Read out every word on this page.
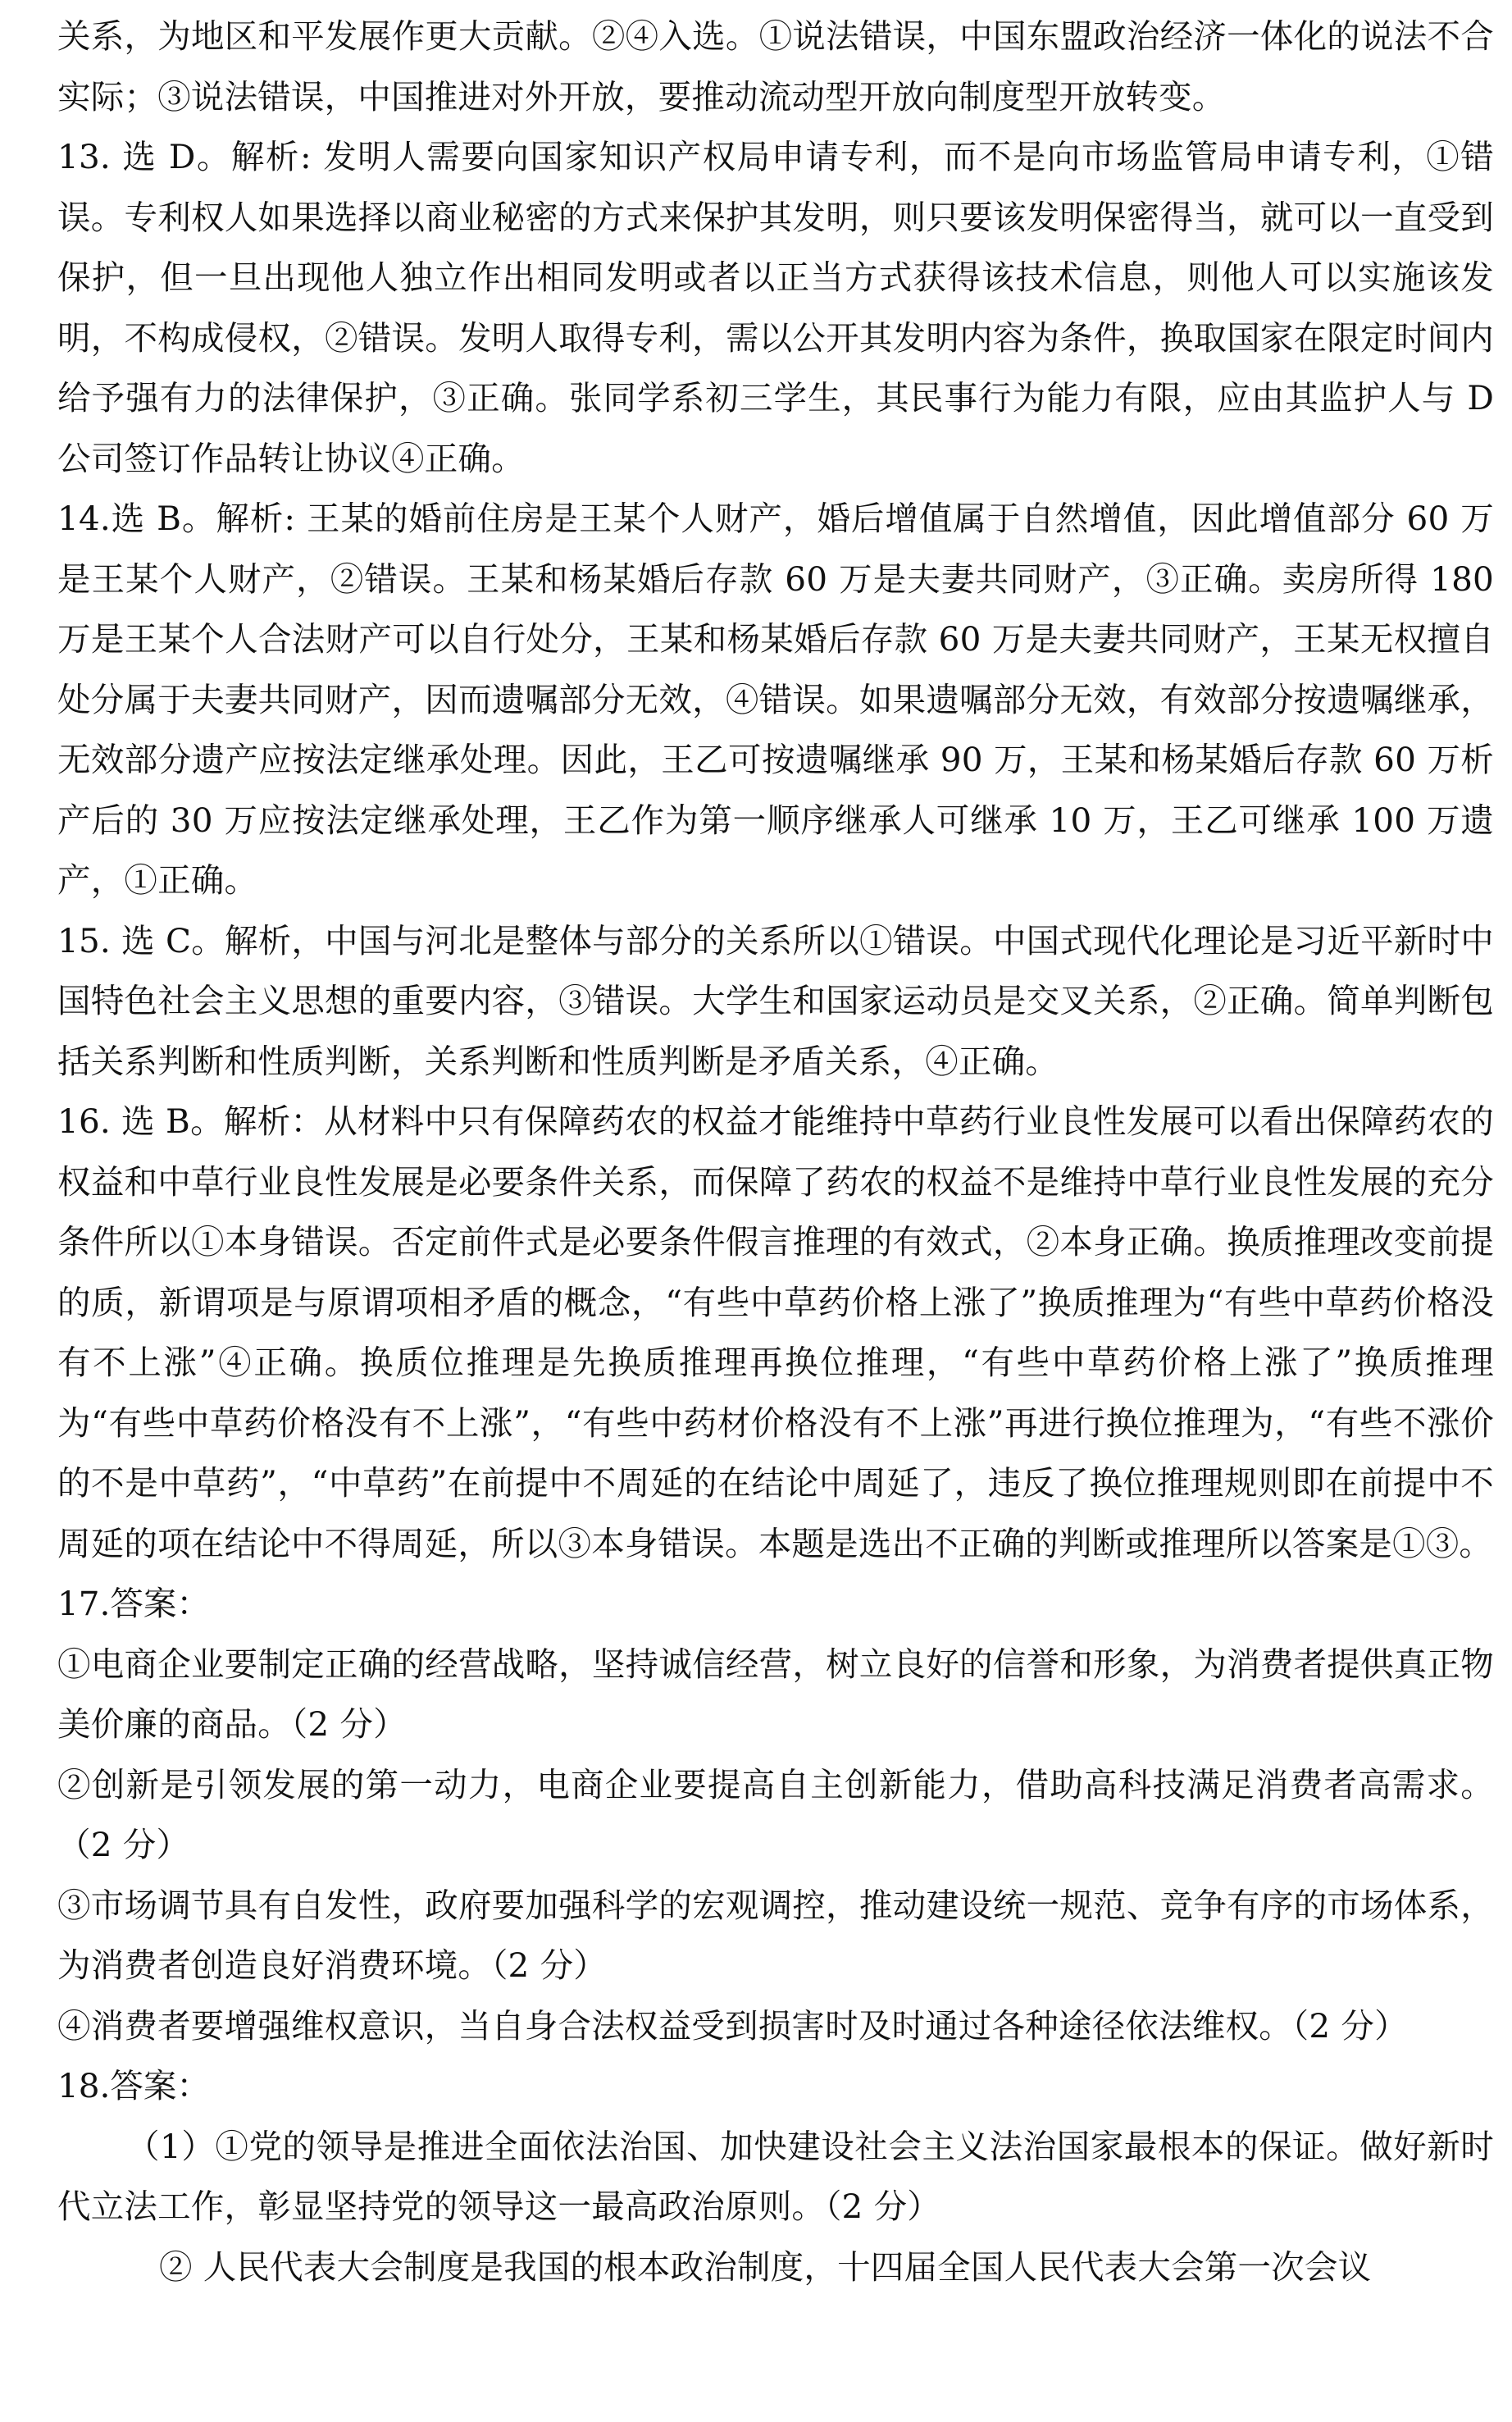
关系，为地区和平发展作更大贡献。②④入选。①说法错误，中国东盟政治经济一体化的说法不合实际；③说法错误，中国推进对外开放，要推动流动型开放向制度型开放转变。

13. 选 D。解析: 发明人需要向国家知识产权局申请专利，而不是向市场监管局申请专利，①错误。专利权人如果选择以商业秘密的方式来保护其发明，则只要该发明保密得当，就可以一直受到保护，但一旦出现他人独立作出相同发明或者以正当方式获得该技术信息，则他人可以实施该发明，不构成侵权，②错误。发明人取得专利，需以公开其发明内容为条件，换取国家在限定时间内给予强有力的法律保护，③正确。张同学系初三学生，其民事行为能力有限，应由其监护人与 D 公司签订作品转让协议④正确。

14.选 B。解析: 王某的婚前住房是王某个人财产，婚后增值属于自然增值，因此增值部分 60 万是王某个人财产，②错误。王某和杨某婚后存款 60 万是夫妻共同财产，③正确。卖房所得 180 万是王某个人合法财产可以自行处分，王某和杨某婚后存款 60 万是夫妻共同财产，王某无权擅自处分属于夫妻共同财产，因而遗嘱部分无效，④错误。如果遗嘱部分无效，有效部分按遗嘱继承，无效部分遗产应按法定继承处理。因此，王乙可按遗嘱继承 90 万，王某和杨某婚后存款 60 万析产后的 30 万应按法定继承处理，王乙作为第一顺序继承人可继承 10 万，王乙可继承 100 万遗产，①正确。

15. 选 C。解析，中国与河北是整体与部分的关系所以①错误。中国式现代化理论是习近平新时中国特色社会主义思想的重要内容，③错误。大学生和国家运动员是交叉关系，②正确。简单判断包括关系判断和性质判断，关系判断和性质判断是矛盾关系，④正确。

16. 选 B。解析：从材料中只有保障药农的权益才能维持中草药行业良性发展可以看出保障药农的权益和中草行业良性发展是必要条件关系，而保障了药农的权益不是维持中草行业良性发展的充分条件所以①本身错误。否定前件式是必要条件假言推理的有效式，②本身正确。换质推理改变前提的质，新谓项是与原谓项相矛盾的概念，“有些中草药价格上涨了”换质推理为“有些中草药价格没有不上涨”④正确。换质位推理是先换质推理再换位推理，“有些中草药价格上涨了”换质推理为“有些中草药价格没有不上涨”，“有些中药材价格没有不上涨”再进行换位推理为，“有些不涨价的不是中草药”，“中草药”在前提中不周延的在结论中周延了，违反了换位推理规则即在前提中不周延的项在结论中不得周延，所以③本身错误。本题是选出不正确的判断或推理所以答案是①③。

17.答案：

①电商企业要制定正确的经营战略，坚持诚信经营，树立良好的信誉和形象，为消费者提供真正物美价廉的商品。（2 分）

②创新是引领发展的第一动力，电商企业要提高自主创新能力，借助高科技满足消费者高需求。（2 分）

③市场调节具有自发性，政府要加强科学的宏观调控，推动建设统一规范、竞争有序的市场体系，为消费者创造良好消费环境。（2 分）

④消费者要增强维权意识，当自身合法权益受到损害时及时通过各种途径依法维权。（2 分）

18.答案：

（1）①党的领导是推进全面依法治国、加快建设社会主义法治国家最根本的保证。做好新时代立法工作，彰显坚持党的领导这一最高政治原则。（2 分）

② 人民代表大会制度是我国的根本政治制度，十四届全国人民代表大会第一次会议
